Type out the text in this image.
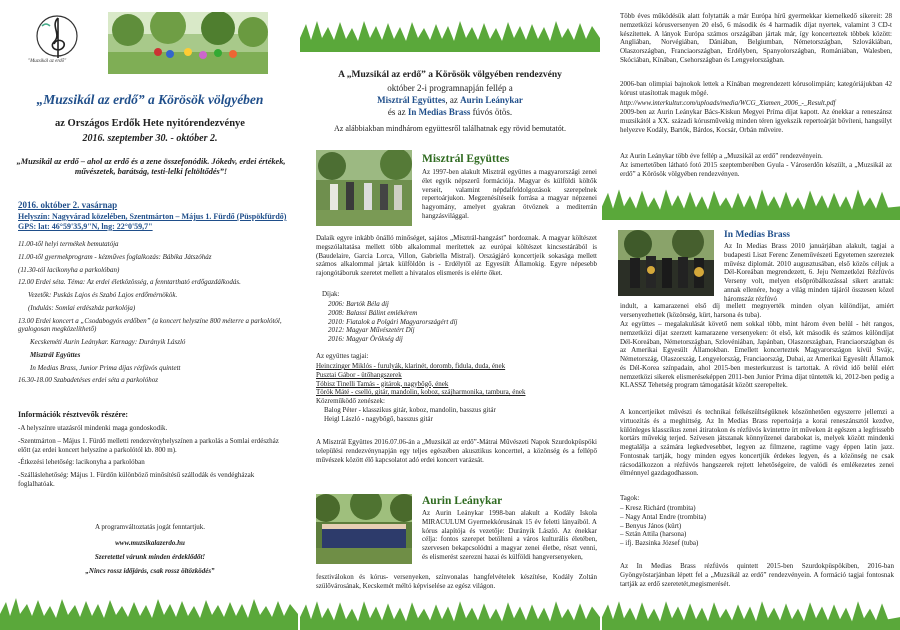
"Muzsikál az erdő"

„Muzsikál az erdő” a Körösök völgyében

az Országos Erdők Hete nyitórendezvénye

2016. szeptember 30. - október 2.

„Muzsikál az erdő – ahol az erdő és a zene összefonódik. Jókedv, erdei értékek, művészetek, barátság, testi-lelki feltöltődés”!

2016. október 2. vasárnap

Helyszín: Nagyvárad közelében, Szentmárton – Május 1. Fürdő (Püspökfürdő) GPS: lat: 46°59'35,9"N, lng: 22°0'59,7"

11.00-től helyi termékek bemutatója

11.00-től gyermekprogram - kézműves foglalkozás: Bábika Játszóház

(11.30-tól lacikonyha a parkolóban)

12.00 Erdei séta. Téma: Az erdei életközösség, a fenntartható erdőgazdálkodás.

Vezetők: Puskás Lajos és Szabó Lajos erdőmérnökök.

(Indulás: Somlai erdészház parkolója)

13.00 Erdei koncert a „Csodabogyós erdőben” (a koncert helyszíne 800 méterre a parkolótól, gyalogosan megközelíthető)

Kecskeméti Aurin Leánykar. Karnagy: Durányik László

Misztrál Együttes

In Medias Brass, Junior Prima díjas rézfúvós quintett

16.30-18.00 Szabadetéses erdei séta a parkolóhoz

Információk résztvevők részére:

-A helyszínre utazásról mindenki maga gondoskodik.

-Szentmárton – Május 1. Fürdő melletti rendezvényhelyszínen a parkolás a Somlai erdészház előtt (az erdei koncert helyszíne a parkolótól kb. 800 m).

-Étkezési lehetőség: lacikonyha a parkolóban

-Szálláslehetőség: Május 1. Fürdőn különböző minősítésű szállodák és vendégházak foglalhatóak.

A programváltoztatás jogát fenntartjuk.

www.muzsikalazerdo.hu

Szeretettel várunk minden érdeklődőt!

„Nincs rossz időjárás, csak rossz öltözködés”

A „Muzsikál az erdő” a Körösök völgyében rendezvény

október 2-i programnapján fellép a

Misztrál Együttes, az Aurin Leánykar

és az In Medias Brass fúvós ötös.

Az alábbiakban mindhárom együttesről találhatnak egy rövid bemutatót.

Misztrál Együttes

Az 1997-ben alakult Misztrál együttes a magyarországi zenei élet egyik népszerű formációja. Magyar és külföldi költők verseit, valamint népdalfeldolgozások szerepelnek repertoárjukon. Megzenésítéseik forrása a magyar népzenei hagyomány, amelyet gyakran ötvöznek a mediterrán hangzásvilággal.

Dalaik egyre inkább önálló minőséget, sajátos „Misztrál-hangzást” hordoznak. A magyar költészet megszólaltatása mellett több alkalommal merítettek az európai költészet kincsestárából is (Baudelaire, Garcia Lorca, Villon, Gabriella Mistral). Országjáró koncertjeik sokasága mellett számos alkalommal jártak külföldön is - Erdélytől az Egyesült Államokig. Egyre népesebb rajongótáboruk szeretet mellett a hivatalos elismerés is elérte őket.

Díjak:

2006: Bartók Béla díj

2008: Balassi Bálint emlékérem

2010: Fiatalok a Polgári Magyarországért díj

2012: Magyar Művészetért Díj

2016: Magyar Örökség díj

Az együttes tagjai:

Heinczinger Miklós - furulyák, klarinét, doromb, fidula, duda, ének

Pusztai Gábor - ütőhangszerek

Tóbisz Tinelli Tamás - gitárok, nagybőgő, ének

Török Máté - cselló, gitár, mandolin, koboz, szájharmonika, tambura, ének

Közreműködő zenészek:

Balog Péter - klasszikus gitár, koboz, mandolin, basszus gitár

Heigl László - nagybőgő, basszus gitár

A Misztrál Együttes 2016.07.06-án a „Muzsikál az erdő”-Mátrai Művészeti Napok Szurdokpüspöki települési rendezvénynapján egy teljes egészében akusztikus koncerttel, a közönség és a fellépő művészek között élő kapcsolatot adó erdei koncert varázsát.

Aurin Leánykar

Az Aurin Leánykar 1998-ban alakult a Kodály Iskola MIRACULUM Gyermekkórusának 15 év feletti lányaiból. A kórus alapítója és vezetője: Durányik László. Az énekkar célja: fontos szerepet betölteni a város kulturális életében, szervesen bekapcsolódni a magyar zenei életbe, részt venni, és elismerést szerezni hazai és külföldi hangversenyeken,

fesztiválokon és kórus- versenyeken, színvonalas hangfelvételek készítése, Kodály Zoltán szülővárosának, Kecskemét méltó képviselése az egész világon.

Több éves működésük alatt folytatták a már Európa hírű gyermekkar kiemelkedő sikereit: 28 nemzetközi kórusversenyen 20 első, 6 második és 4 harmadik díjat nyertek, valamint 3 CD-t készítettek. A lányok Európa számos országában jártak már, így koncerteztek többek között: Angliában, Norvégiában, Dániában, Belgiumban, Németországban, Szlovákiában, Olaszországban, Franciaországban, Erdélyben, Spanyolországban, Romániában, Walesben, Skóciában, Kínában, Csehországban és Lengyelországban.

2006-ban olimpiai bajnokok lettek a Kínában megrendezett kórusolimpián; kategóriájukban 42 kórust utasítottak maguk mögé.

http://www.interkultur.com/uploads/media/WCG_Xiamen_2006_-_Result.pdf

2009-ben az Aurin Leánykar Bács-Kiskun Megyei Príma díjat kapott. Az énekkar a reneszánsz muzsikától a XX. századi kórusművekig minden téren igyekszik repertoárját bővíteni, hangsúlyt helyezve Kodály, Bartók, Bárdos, Kocsár, Orbán műveire.

Az Aurin Leánykar több éve fellép a „Muzsikál az erdő” rendezvényein.

Az ismertetőben látható fotó 2015 szeptemberében Gyula - Városerdőn készült, a „Muzsikál az erdő” a Körösök völgyében rendezvényen.

In Medias Brass

Az In Medias Brass 2010 januárjában alakult, tagjai a budapesti Liszt Ferenc Zeneművészeti Egyetemen szereztek művész diplomát. 2010 augusztusában, első közös céljuk a Dél-Koreában megrendezett, 6. Jeju Nemzetközi Rézfúvós Verseny volt, melyen elsőpróbálkozással sikert arattak: annak ellenére, hogy a világ minden tájáról összesen közel háromszáz rézfúvó

indult, a kamarazenei első díj mellett megnyerték minden olyan különdíjat, amiért versenyezhettek (közönség, kürt, harsona és tuba).

Az együttes – megalakulását követő nem sokkal több, mint három éven belül - hét rangos, nemzetközi díjat szerzett kamarazene versenyeken: öt első, két második és számos különdíjat Dél-Koreában, Németországban, Szlovéniában, Japánban, Olaszországban, Franciaországban és az Amerikai Egyesült Államokban. Emellett koncerteztek Magyarországon kívül Svájc, Németország, Olaszország, Lengyelország, Franciaország, Dubai, az Amerikai Egyesült Államok és Dél-Korea színpadain, ahol 2015-ben mesterkurzust is tartottak. A rövid idő belül elért nemzetközi sikerek elismeréseképpen 2011-ben Junior Príma díjat tüntették ki, 2012-ben pedig a KLASSZ Tehetség program támogatását között szerepeltek.

A koncertjeiket művészi és technikai felkészültségüknek köszönhetően egyszerre jellemzi a virtuozitás és a meghittség. Az In Medias Brass repertoárja a korai reneszánsztól kezdve, különleges klasszikus zenei átiratokon és rézfúvós kvintettre írt műveken át egészen a legfrissebb kortárs művekig terjed. Szívesen játszanak könnyűzenei darabokat is, melyek között mindenki megtalálja a számára legkedvesebbet, legyen az filmzene, ragtime vagy éppen latin jazz. Fontosnak tartják, hogy minden egyes koncertjük érdekes legyen, és a közönség ne csak rácsodálkozzon a rézfúvós hangszerek rejtett lehetőségeire, de valódi és emlékezetes zenei élménnyel gazdagodhasson.

Tagok:

– Kresz Richárd (trombita)

– Nagy Antal Endre (trombita)

– Benyus János (kürt)

– Sztán Attila (harsona)

– ifj. Bazsinka József (tuba)

Az In Medias Brass rézfúvós quintett 2015-ben Szurdokpüspökiben, 2016-ban Gyöngyöstarjánban lépett fel a „Muzsikál az erdő” rendezvényein. A formáció tagjai fontosnak tartják az erdő szeretetét,megismerését.
